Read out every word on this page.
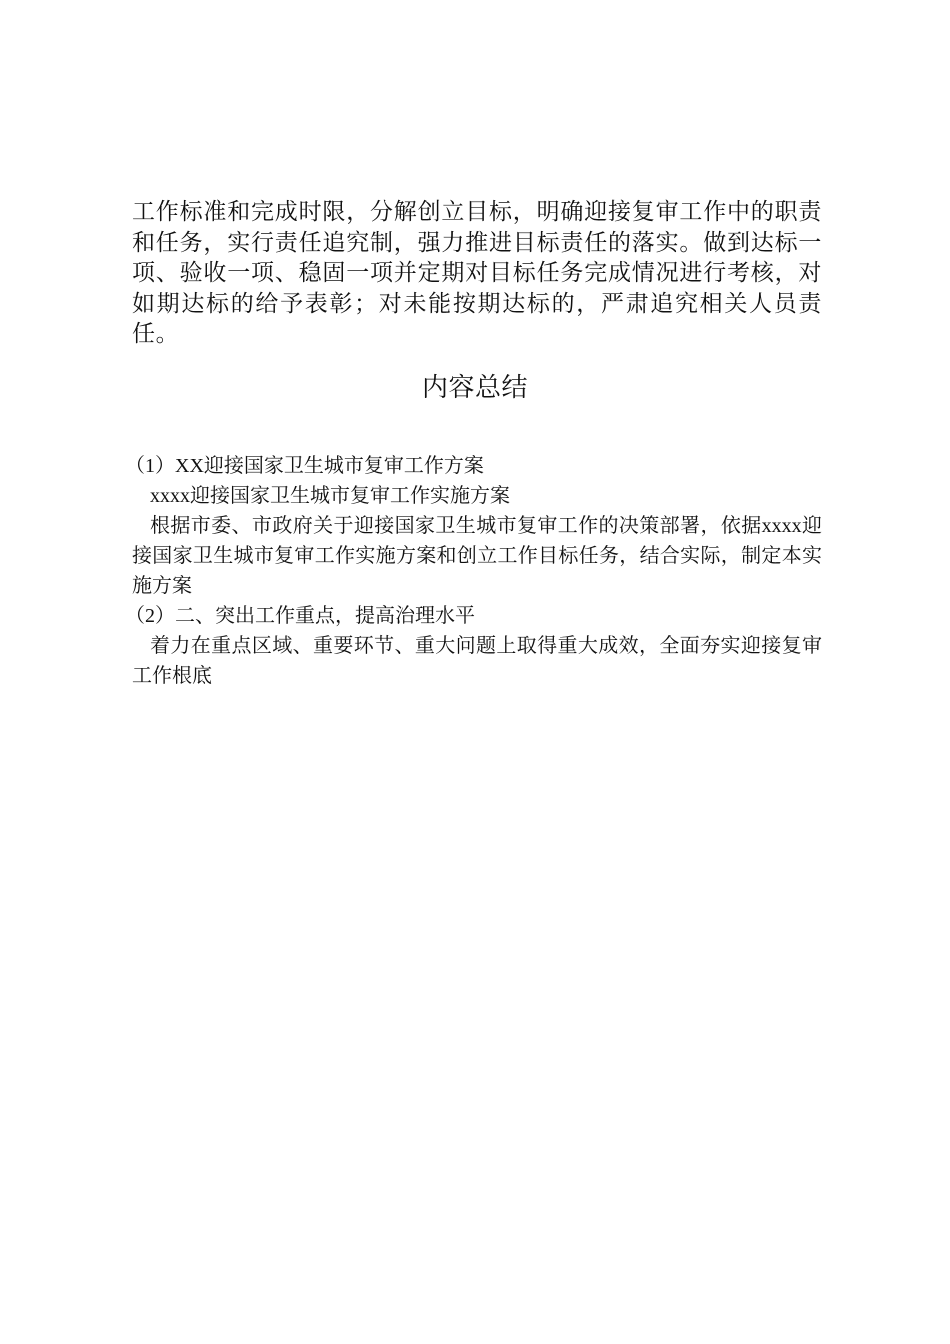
工作标准和完成时限，分解创立目标，明确迎接复审工作中的职责和任务，实行责任追究制，强力推进目标责任的落实。做到达标一项、验收一项、稳固一项并定期对目标任务完成情况进行考核，对如期达标的给予表彰；对未能按期达标的，严肃追究相关人员责任。

内容总结

（1）XX迎接国家卫生城市复审工作方案

xxxx迎接国家卫生城市复审工作实施方案

根据市委、市政府关于迎接国家卫生城市复审工作的决策部署，依据xxxx迎接国家卫生城市复审工作实施方案和创立工作目标任务，结合实际，制定本实施方案

（2）二、突出工作重点，提高治理水平

着力在重点区域、重要环节、重大问题上取得重大成效，全面夯实迎接复审工作根底
